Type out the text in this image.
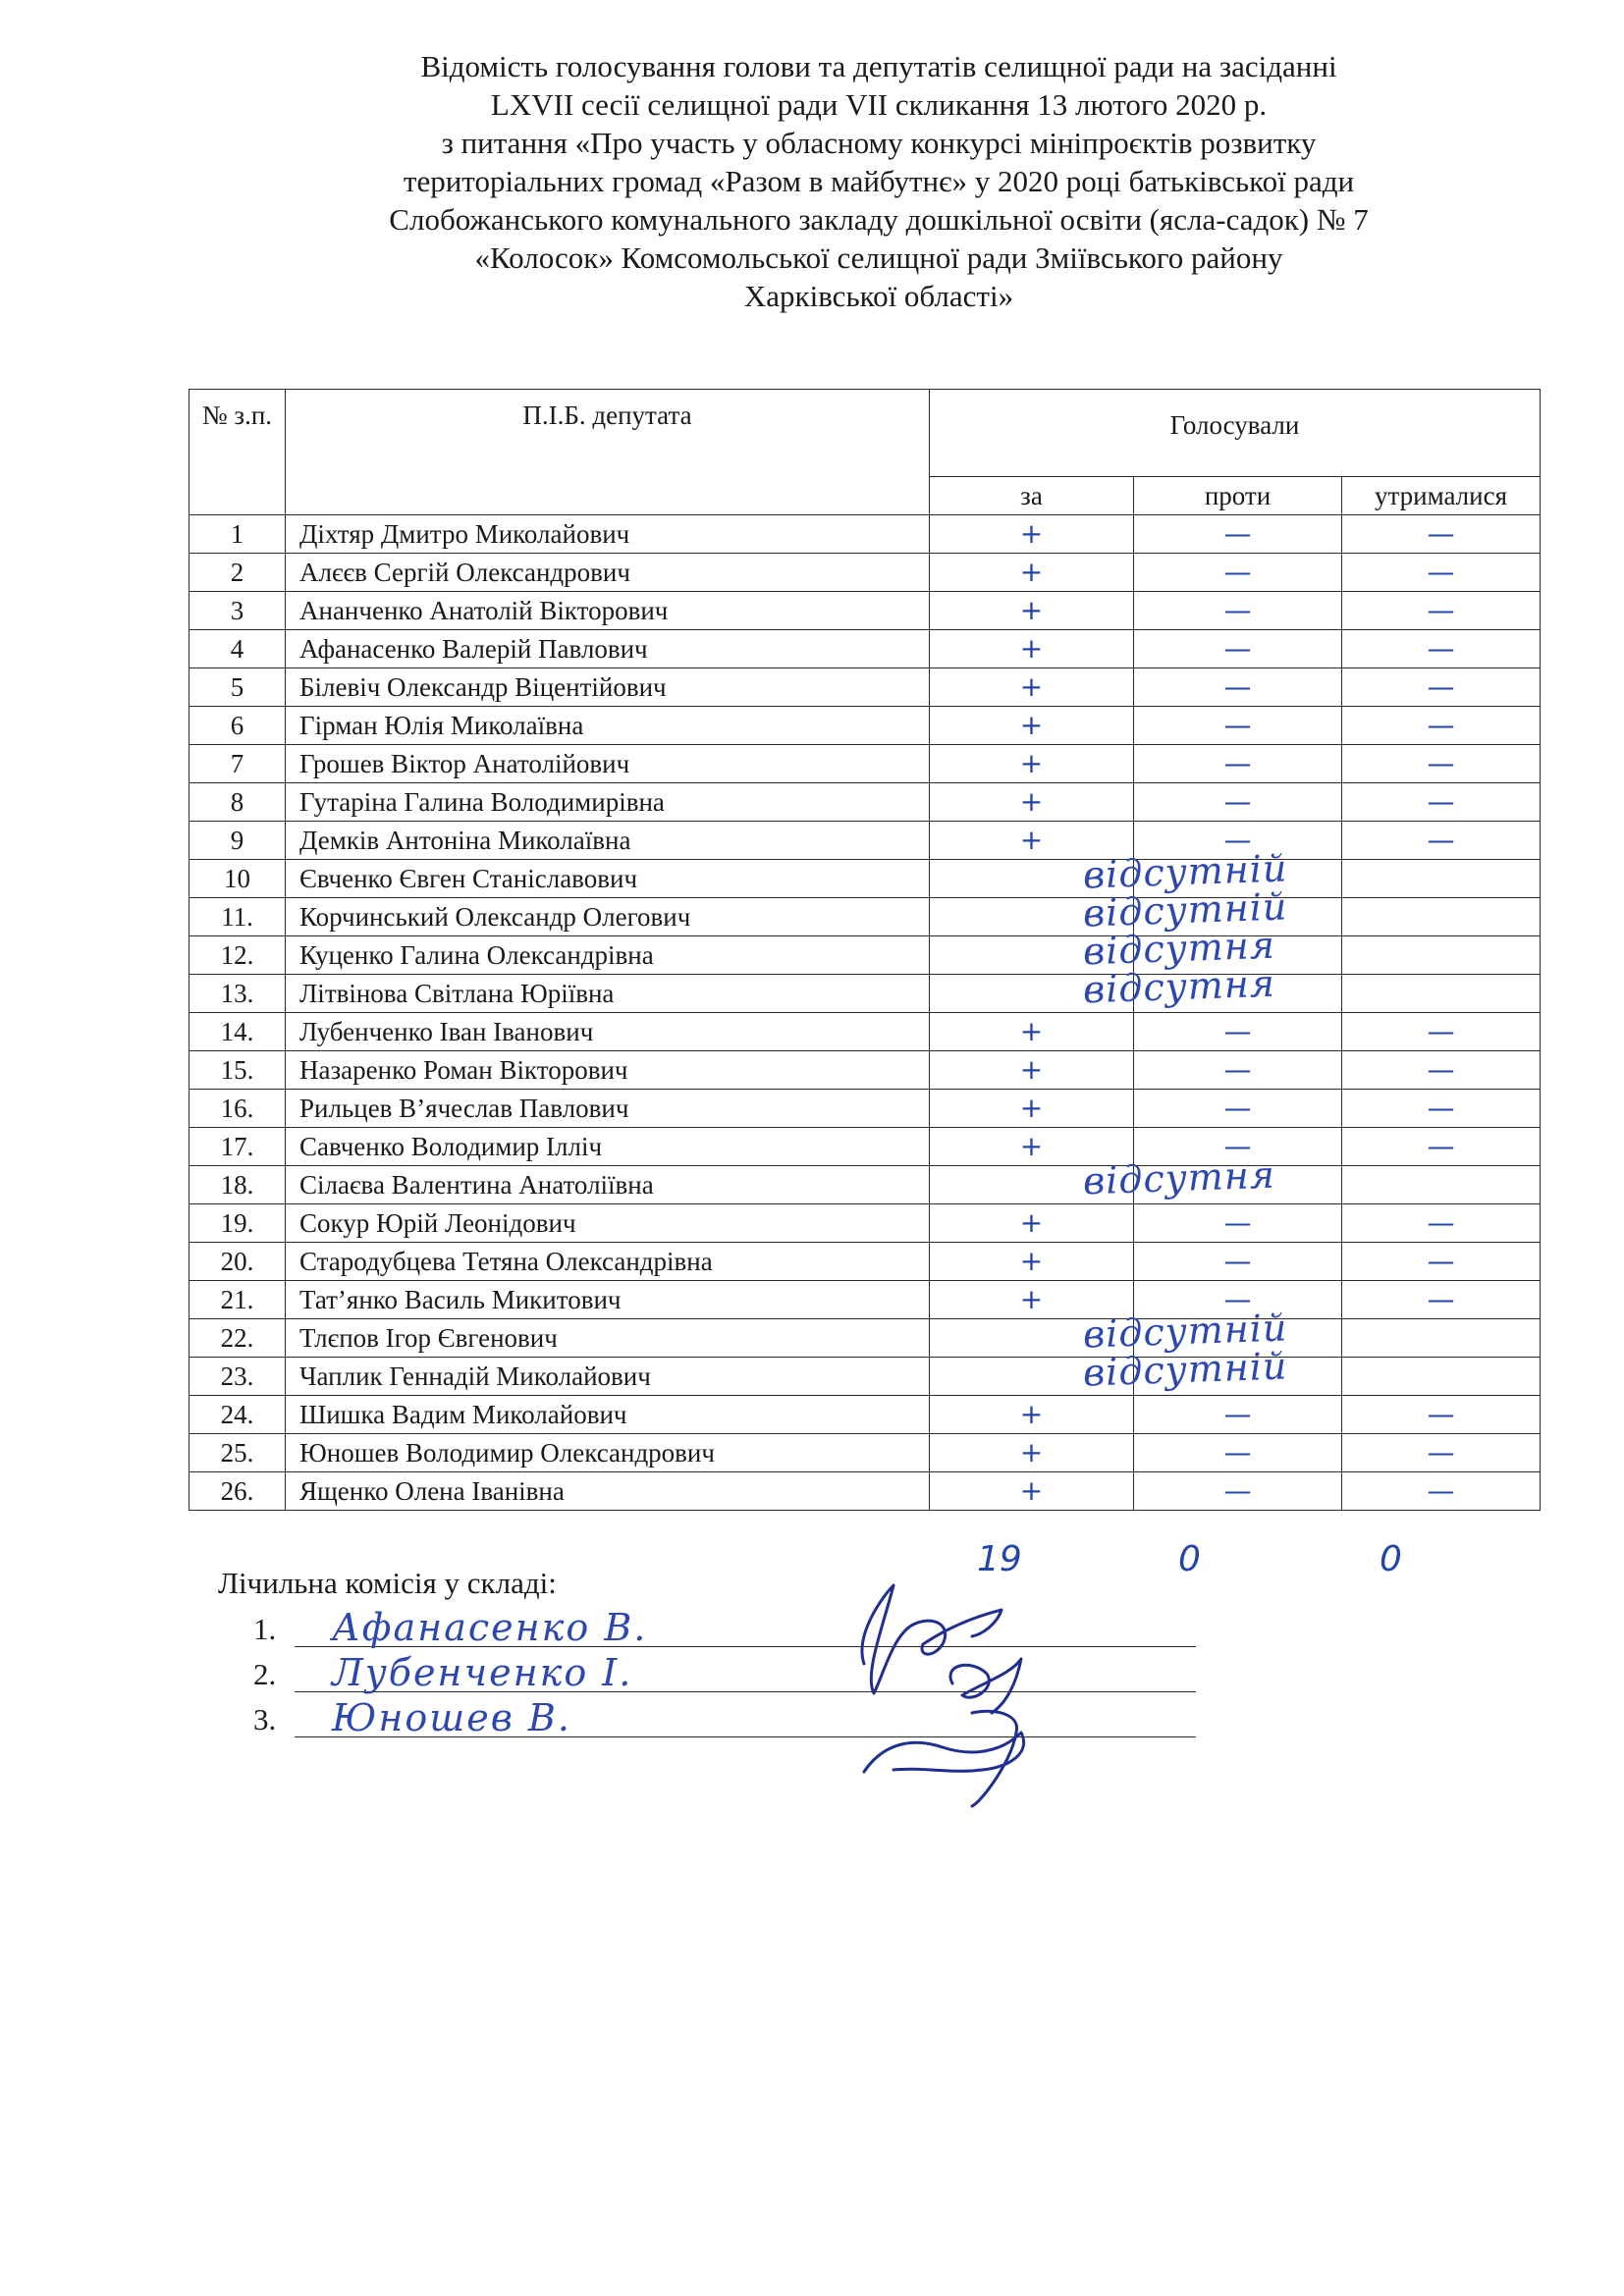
Відомість голосування голови та депутатів селищної ради на засіданні
LXVII сесії селищної ради VII скликання 13 лютого 2020 р.
з питання «Про участь у обласному конкурсі мініпроєктів розвитку
територіальних громад «Разом в майбутнє» у 2020 році батьківської ради
Слобожанського комунального закладу дошкільної освіти (ясла-садок) № 7
«Колосок» Комсомольської селищної ради Зміївського району
Харківської області»
№ з.п.	П.І.Б. депутата	Голосували		
		за	проти	утрималися
1	Діхтяр Дмитро Миколайович	+	—	—
2	Алєєв Сергій Олександрович	+	—	—
3	Ананченко Анатолій Вікторович	+	—	—
4	Афанасенко Валерій Павлович	+	—	—
5	Білевіч Олександр Віцентійович	+	—	—
6	Гірман Юлія Миколаївна	+	—	—
7	Грошев Віктор Анатолійович	+	—	—
8	Гутаріна Галина Володимирівна	+	—	—
9	Демків Антоніна Миколаївна	+	—	—
10	Євченко Євген Станіславович	відсутній		

11.	Корчинський Олександр Олегович	відсутній		

12.	Куценко Галина Олександрівна	відсутня		

13.	Літвінова Світлана Юріївна	відсутня		

14.	Лубенченко Іван Іванович	+	—	—
15.	Назаренко Роман Вікторович	+	—	—
16.	Рильцев В’ячеслав Павлович	+	—	—
17.	Савченко Володимир Ілліч	+	—	—
18.	Сілаєва Валентина Анатоліївна	відсутня		

19.	Сокур Юрій Леонідович	+	—	—
20.	Стародубцева Тетяна Олександрівна	+	—	—
21.	Тат’янко Василь Микитович	+	—	—
22.	Тлєпов Ігор Євгенович	відсутній		

23.	Чаплик Геннадій Миколайович	відсутній		

24.	Шишка Вадим Миколайович	+	—	—
25.	Юношев Володимир Олександрович	+	—	—
26.	Ященко Олена Іванівна	+	—	—
19	0	0
Лічильна комісія у складі:
1. Афанасенко В.
2. Лубенченко І.
3. Юношев В.
